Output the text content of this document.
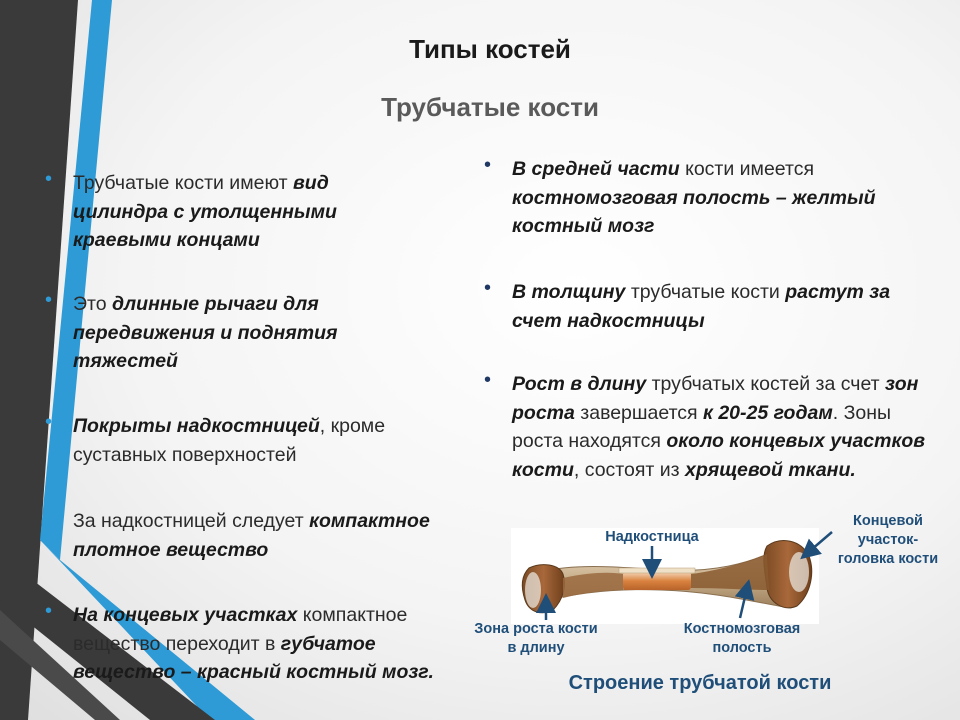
Типы костей
Трубчатые кости
• Трубчатые кости имеют вид цилиндра с утолщенными краевыми концами
• Это длинные рычаги для передвижения и поднятия тяжестей
• Покрыты надкостницей, кроме суставных поверхностей
• За надкостницей следует компактное плотное вещество
• На концевых участках компактное вещество переходит в губчатое вещество – красный костный мозг.
• В средней части кости имеется костномозговая полость – желтый костный мозг
• В толщину трубчатые кости растут за счет надкостницы
• Рост в длину трубчатых костей за счет зон роста завершается к 20-25 годам. Зоны роста находятся около концевых участков кости, состоят из хрящевой ткани.
Надкостница
Концевой
участок-
головка кости
Зона роста кости
в длину
Костномозговая
полость
Строение трубчатой кости
